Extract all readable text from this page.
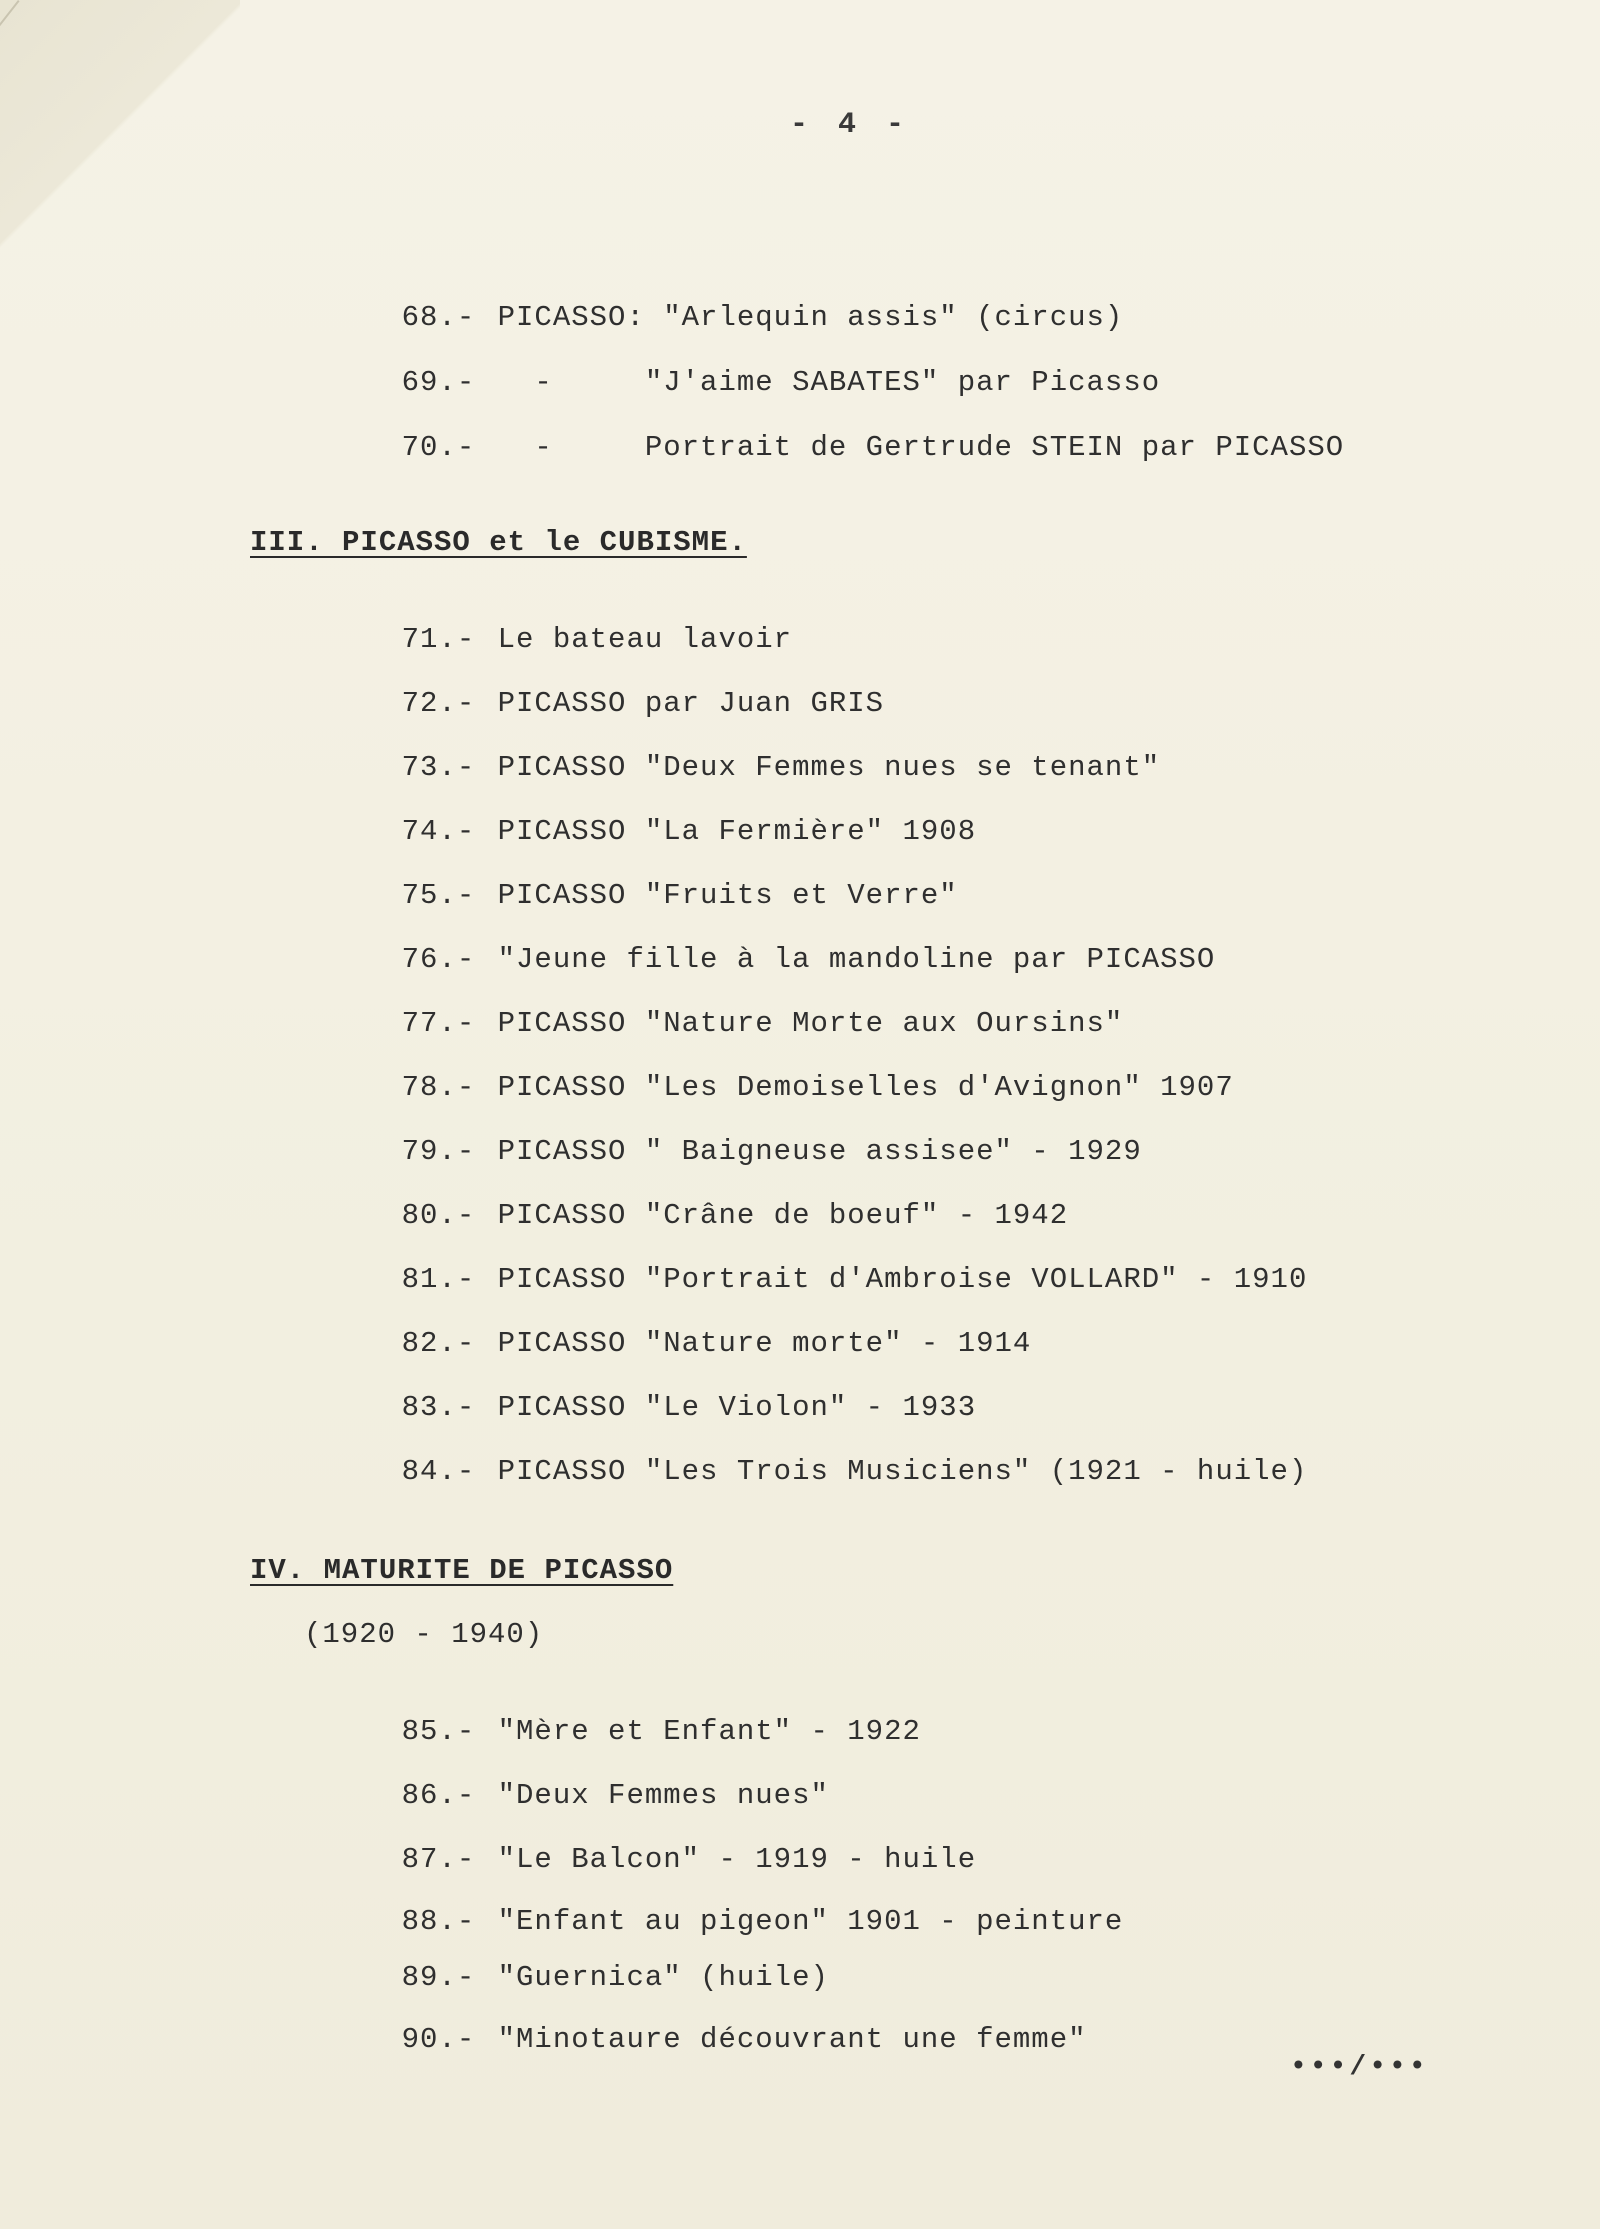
- 4 -

68.- PICASSO: "Arlequin assis" (circus)

69.-  -     "J'aime SABATES" par Picasso

70.-  -     Portrait de Gertrude STEIN par PICASSO

III. PICASSO et le CUBISME.

71.- Le bateau lavoir

72.- PICASSO par Juan GRIS

73.- PICASSO "Deux Femmes nues se tenant"

74.- PICASSO "La Fermière" 1908

75.- PICASSO "Fruits et Verre"

76.- "Jeune fille à la mandoline par PICASSO

77.- PICASSO "Nature Morte aux Oursins"

78.- PICASSO "Les Demoiselles d'Avignon" 1907

79.- PICASSO " Baigneuse assisee" - 1929

80.- PICASSO "Crâne de boeuf" - 1942

81.- PICASSO "Portrait d'Ambroise VOLLARD" - 1910

82.- PICASSO "Nature morte" - 1914

83.- PICASSO "Le Violon" - 1933

84.- PICASSO "Les Trois Musiciens" (1921 - huile)

IV. MATURITE DE PICASSO
(1920 - 1940)

85.- "Mère et Enfant" - 1922

86.- "Deux Femmes nues"

87.- "Le Balcon" - 1919 - huile

88.- "Enfant au pigeon" 1901 - peinture

89.- "Guernica" (huile)

90.- "Minotaure découvrant une femme"

•••/•••
